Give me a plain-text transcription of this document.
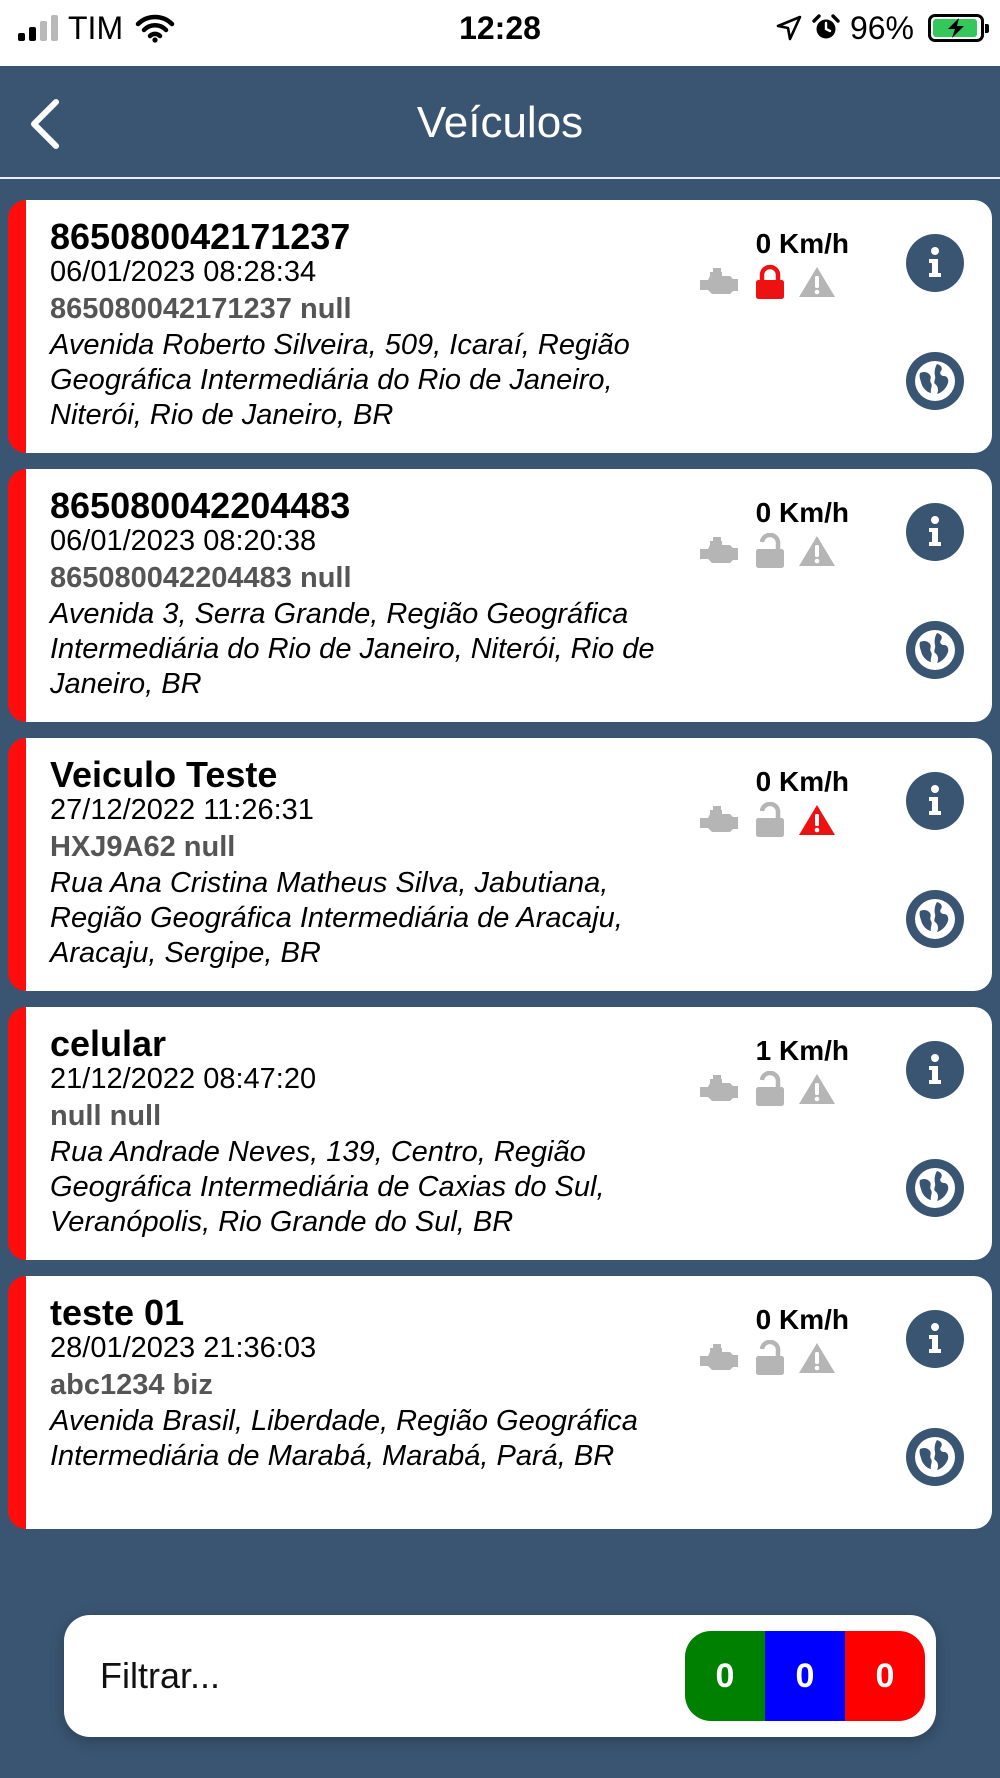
TIM	12:28	96%
Veículos
865080042171237
06/01/2023 08:28:34
865080042171237 null
Avenida Roberto Silveira, 509, Icaraí, Região Geográfica Intermediária do Rio de Janeiro, Niterói, Rio de Janeiro, BR
0 Km/h
865080042204483
06/01/2023 08:20:38
865080042204483 null
Avenida 3, Serra Grande, Região Geográfica Intermediária do Rio de Janeiro, Niterói, Rio de Janeiro, BR
0 Km/h
Veiculo Teste
27/12/2022 11:26:31
HXJ9A62 null
Rua Ana Cristina Matheus Silva, Jabutiana, Região Geográfica Intermediária de Aracaju, Aracaju, Sergipe, BR
0 Km/h
celular
21/12/2022 08:47:20
null null
Rua Andrade Neves, 139, Centro, Região Geográfica Intermediária de Caxias do Sul, Veranópolis, Rio Grande do Sul, BR
1 Km/h
teste 01
28/01/2023 21:36:03
abc1234 biz
Avenida Brasil, Liberdade, Região Geográfica Intermediária de Marabá, Marabá, Pará, BR
0 Km/h
Filtrar...
0	0	0
